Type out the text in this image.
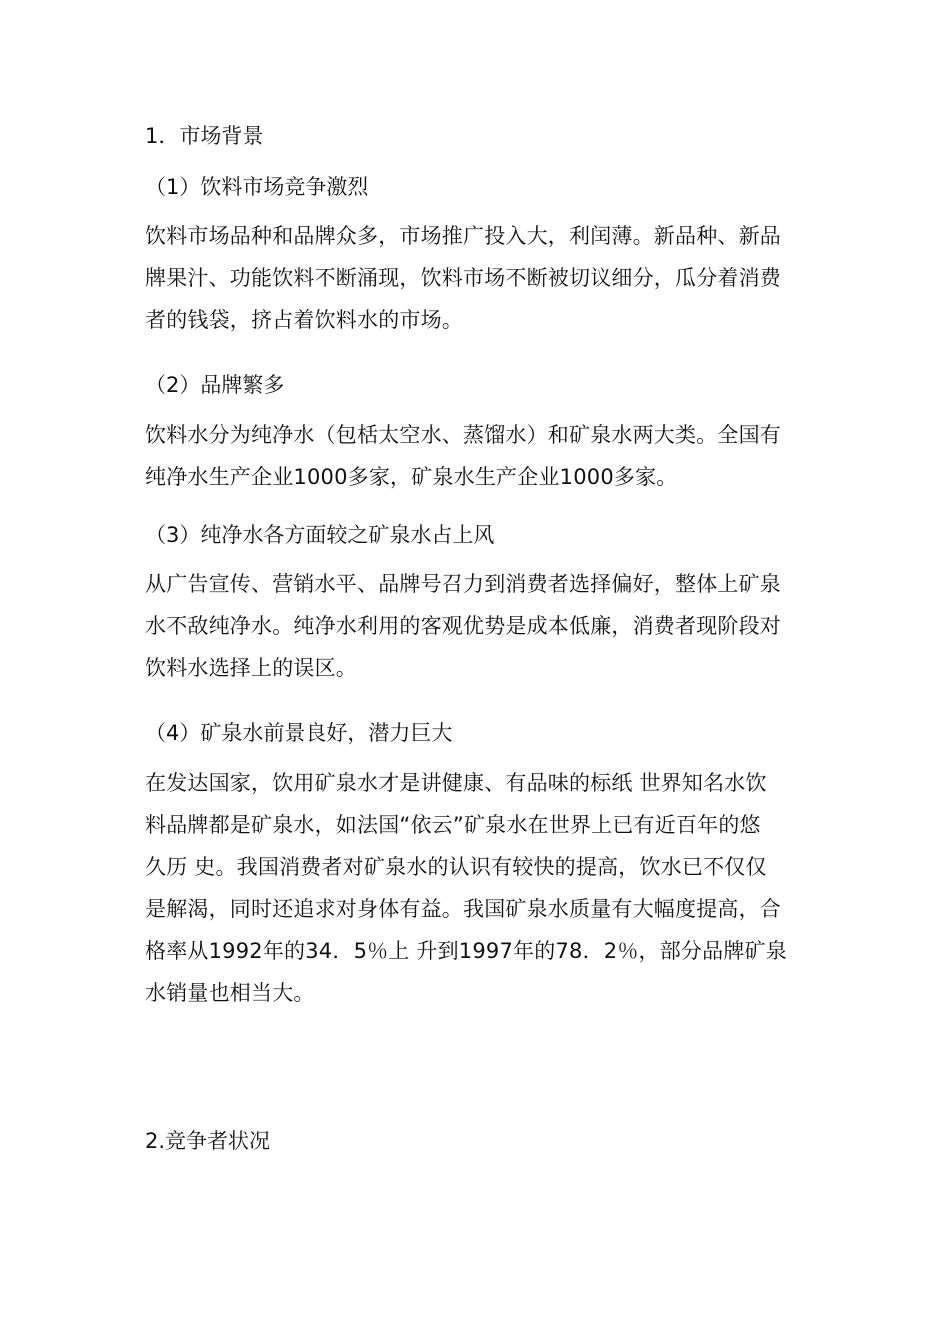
1．市场背景
（1）饮料市场竞争激烈
饮料市场品种和品牌众多，市场推广投入大，利闰薄。新品种、新品
牌果汁、功能饮料不断涌现，饮料市场不断被切议细分，瓜分着消费
者的钱袋，挤占着饮料水的市场。
（2）品牌繁多
饮料水分为纯净水（包栝太空水、蒸馏水）和矿泉水两大类。全国有
纯净水生产企业1000多家，矿泉水生产企业1000多家。
（3）纯净水各方面较之矿泉水占上风
从广告宣传、营销水平、品牌号召力到消费者选择偏好，整体上矿泉
水不敌纯净水。纯净水利用的客观优势是成本低廉，消费者现阶段对
饮料水选择上的误区。
（4）矿泉水前景良好，潜力巨大
在发达国家，饮用矿泉水才是讲健康、有品味的标纸 世界知名水饮
料品牌都是矿泉水，如法国“依云”矿泉水在世界上已有近百年的悠
久历 史。我国消费者对矿泉水的认识有较快的提高，饮水已不仅仅
是解渴，同时还追求对身体有益。我国矿泉水质量有大幅度提高，合
格率从1992年的34．5％上 升到1997年的78．2％，部分品牌矿泉
水销量也相当大。
2.竞争者状况
